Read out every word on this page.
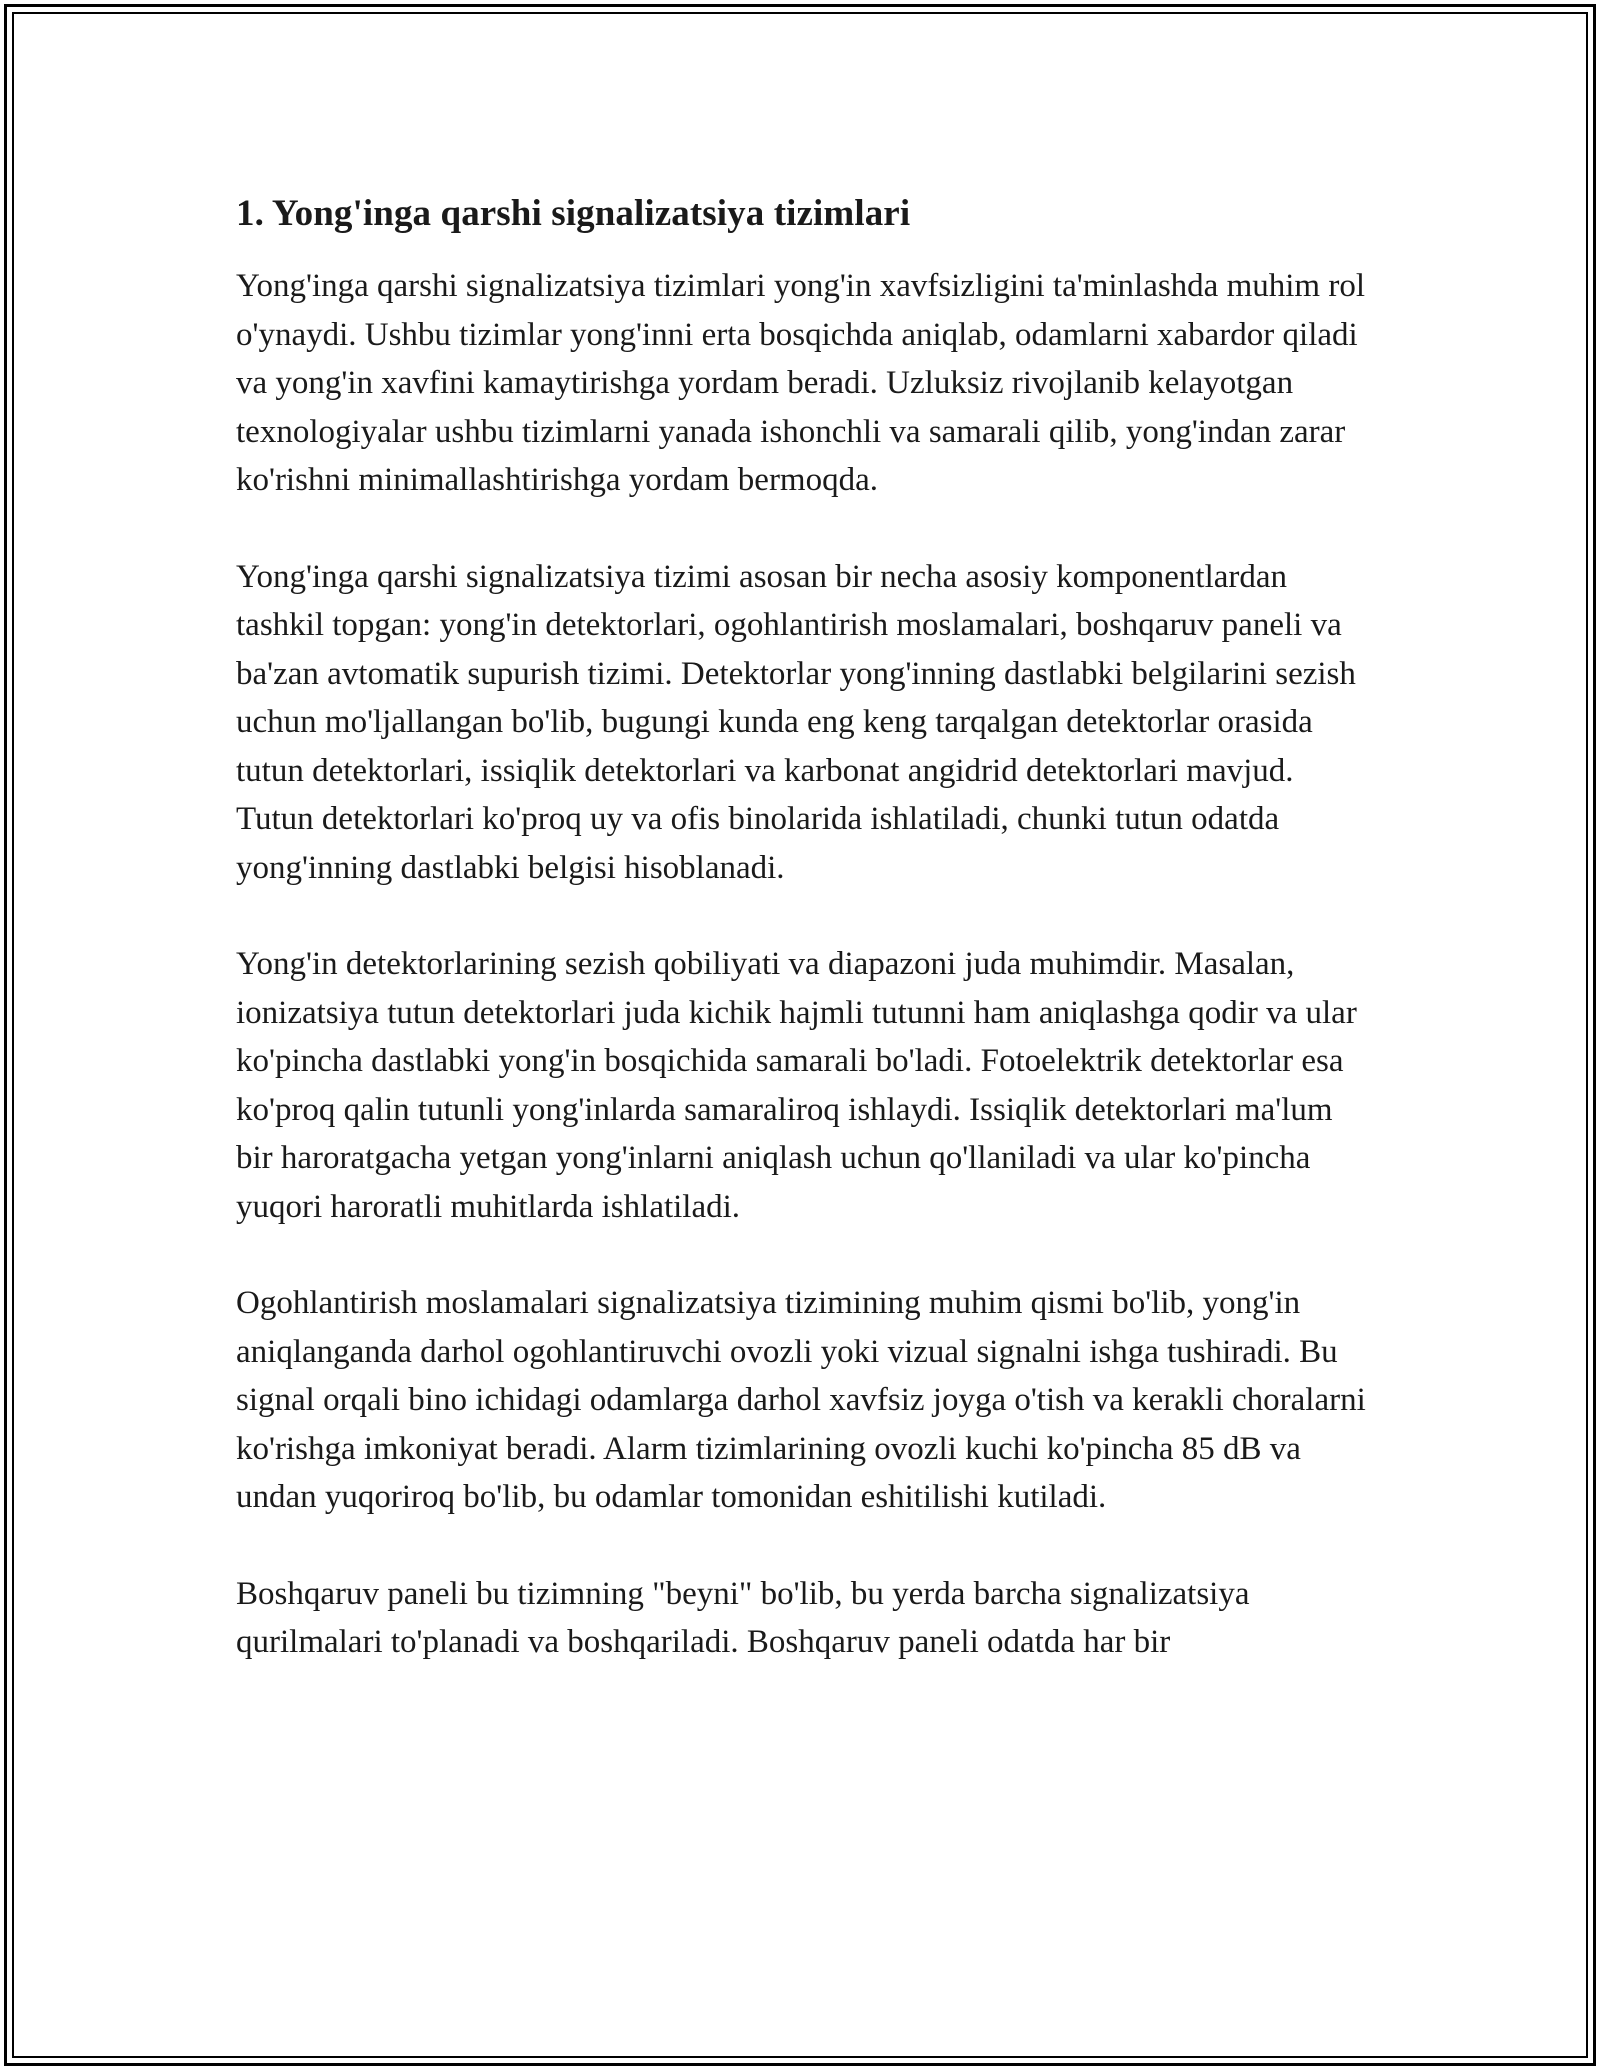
1. Yong'inga qarshi signalizatsiya tizimlari

Yong'inga qarshi signalizatsiya tizimlari yong'in xavfsizligini ta'minlashda muhim rol o'ynaydi. Ushbu tizimlar yong'inni erta bosqichda aniqlab, odamlarni xabardor qiladi va yong'in xavfini kamaytirishga yordam beradi. Uzluksiz rivojlanib kelayotgan texnologiyalar ushbu tizimlarni yanada ishonchli va samarali qilib, yong'indan zarar ko'rishni minimallashtirishga yordam bermoqda.

Yong'inga qarshi signalizatsiya tizimi asosan bir necha asosiy komponentlardan tashkil topgan: yong'in detektorlari, ogohlantirish moslamalari, boshqaruv paneli va ba'zan avtomatik supurish tizimi. Detektorlar yong'inning dastlabki belgilarini sezish uchun mo'ljallangan bo'lib, bugungi kunda eng keng tarqalgan detektorlar orasida tutun detektorlari, issiqlik detektorlari va karbonat angidrid detektorlari mavjud. Tutun detektorlari ko'proq uy va ofis binolarida ishlatiladi, chunki tutun odatda yong'inning dastlabki belgisi hisoblanadi.

Yong'in detektorlarining sezish qobiliyati va diapazoni juda muhimdir. Masalan, ionizatsiya tutun detektorlari juda kichik hajmli tutunni ham aniqlashga qodir va ular ko'pincha dastlabki yong'in bosqichida samarali bo'ladi. Fotoelektrik detektorlar esa ko'proq qalin tutunli yong'inlarda samaraliroq ishlaydi. Issiqlik detektorlari ma'lum bir haroratgacha yetgan yong'inlarni aniqlash uchun qo'llaniladi va ular ko'pincha yuqori haroratli muhitlarda ishlatiladi.

Ogohlantirish moslamalari signalizatsiya tizimining muhim qismi bo'lib, yong'in aniqlanganda darhol ogohlantiruvchi ovozli yoki vizual signalni ishga tushiradi. Bu signal orqali bino ichidagi odamlarga darhol xavfsiz joyga o'tish va kerakli choralarni ko'rishga imkoniyat beradi. Alarm tizimlarining ovozli kuchi ko'pincha 85 dB va undan yuqoriroq bo'lib, bu odamlar tomonidan eshitilishi kutiladi.

Boshqaruv paneli bu tizimning "beyni" bo'lib, bu yerda barcha signalizatsiya qurilmalari to'planadi va boshqariladi. Boshqaruv paneli odatda har bir
